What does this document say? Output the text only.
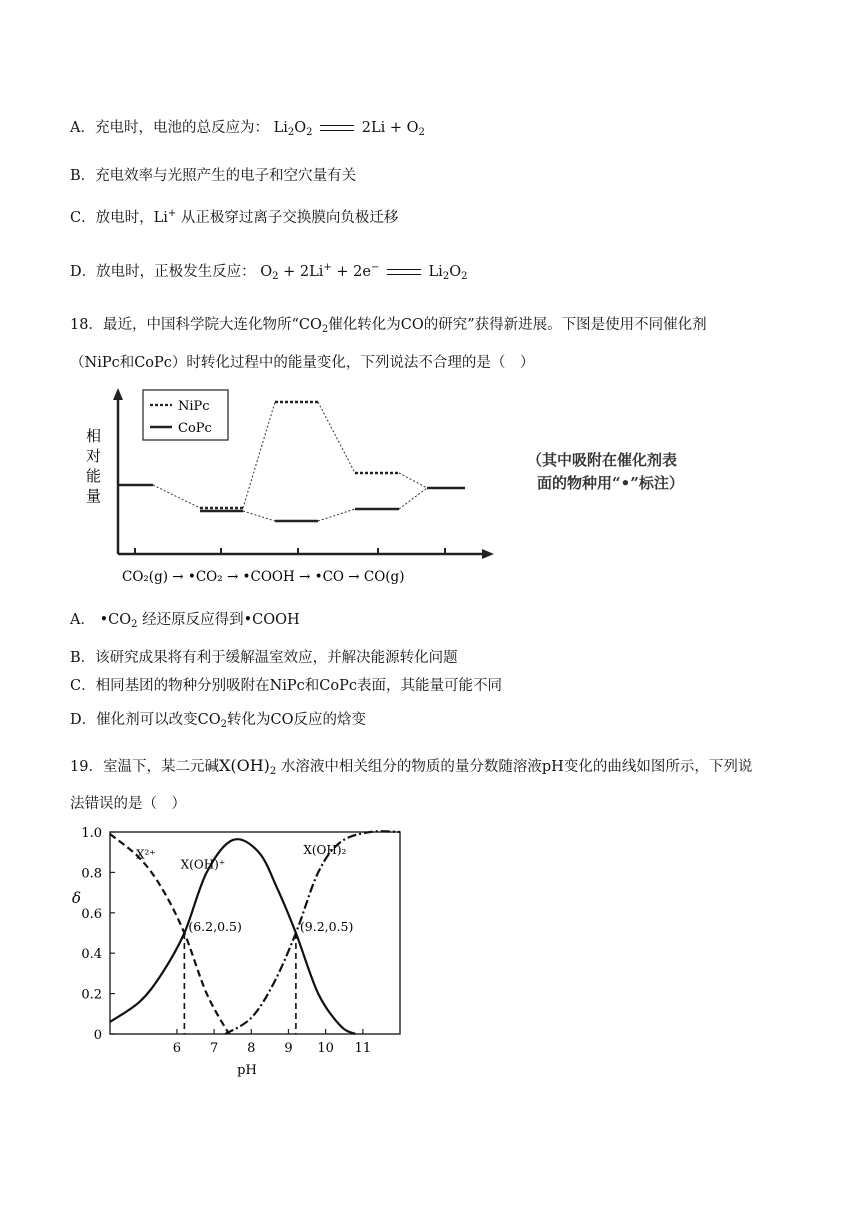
A．充电时，电池的总反应为： $Li_2O_2$	$2Li + O_2$
B．充电效率与光照产生的电子和空穴量有关
C．放电时，Li+ 从正极穿过离子交换膜向负极迁移
D．放电时，正极发生反应： $O_2 + 2Li^+ + 2e^-$	$Li_2O_2$
18．最近，中国科学院大连化物所“$CO_2$催化转化为CO的研究”获得新进展。下图是使用不同催化剂
（NiPc和CoPc）时转化过程中的能量变化，下列说法不合理的是（　）
相
对
能
量
NiPc
CoPc
CO₂(g) → •CO₂ → •COOH → •CO → CO(g)
（其中吸附在催化剂表
面的物种用“•”标注）
A． $•CO_2$ 经还原反应得到•COOH
B．该研究成果将有利于缓解温室效应，并解决能源转化问题
C．相同基团的物种分别吸附在NiPc和CoPc表面，其能量可能不同
D．催化剂可以改变$CO_2$转化为CO反应的焓变
19．室温下，某二元碱$X(OH)_2$ 水溶液中相关组分的物质的量分数随溶液pH变化的曲线如图所示，下列说
法错误的是（　）
0
0.2
0.4
0.6
0.8
1.0
6 7 8 9 10 11
pH
δ
X²⁺
X(OH)⁺
X(OH)₂
(6.2,0.5)	(9.2,0.5)
